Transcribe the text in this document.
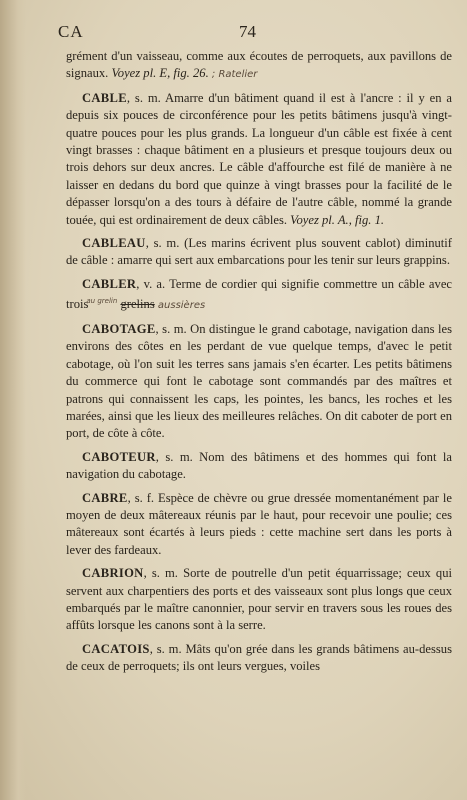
CA	74

grément d'un vaisseau, comme aux écoutes de perroquets, aux pavillons de signaux. Voyez pl. E, fig. 26. ; Ratelier

CABLE, s. m. Amarre d'un bâtiment quand il est à l'ancre : il y en a depuis six pouces de circonférence pour les petits bâtimens jusqu'à vingt-quatre pouces pour les plus grands. La longueur d'un câble est fixée à cent vingt brasses : chaque bâtiment en a plusieurs et presque toujours deux ou trois dehors sur deux ancres. Le câble d'affourche est filé de manière à ne laisser en dedans du bord que quinze à vingt brasses pour la facilité de le dépasser lorsqu'on a des tours à défaire de l'autre câble, nommé la grande touée, qui est ordinairement de deux câbles. Voyez pl. A., fig. 1.

CABLEAU, s. m. (Les marins écrivent plus souvent cablot) diminutif de câble : amarre qui sert aux embarcations pour les tenir sur leurs grappins.

CABLER, v. a. Terme de cordier qui signifie commettre un câble avec trois$^{au grelin}$ grelins aussières

CABOTAGE, s. m. On distingue le grand cabotage, navigation dans les environs des côtes en les perdant de vue quelque temps, d'avec le petit cabotage, où l'on suit les terres sans jamais s'en écarter. Les petits bâtimens du commerce qui font le cabotage sont commandés par des maîtres et patrons qui connaissent les caps, les pointes, les bancs, les roches et les marées, ainsi que les lieux des meilleures relâches. On dit caboter de port en port, de côte à côte.

CABOTEUR, s. m. Nom des bâtimens et des hommes qui font la navigation du cabotage.

CABRE, s. f. Espèce de chèvre ou grue dressée momentanément par le moyen de deux mâtereaux réunis par le haut, pour recevoir une poulie; ces mâtereaux sont écartés à leurs pieds : cette machine sert dans les ports à lever des fardeaux.

CABRION, s. m. Sorte de poutrelle d'un petit équarrissage; ceux qui servent aux charpentiers des ports et des vaisseaux sont plus longs que ceux embarqués par le maître canonnier, pour servir en travers sous les roues des affûts lorsque les canons sont à la serre.

CACATOIS, s. m. Mâts qu'on grée dans les grands bâtimens au-dessus de ceux de perroquets; ils ont leurs vergues, voiles
